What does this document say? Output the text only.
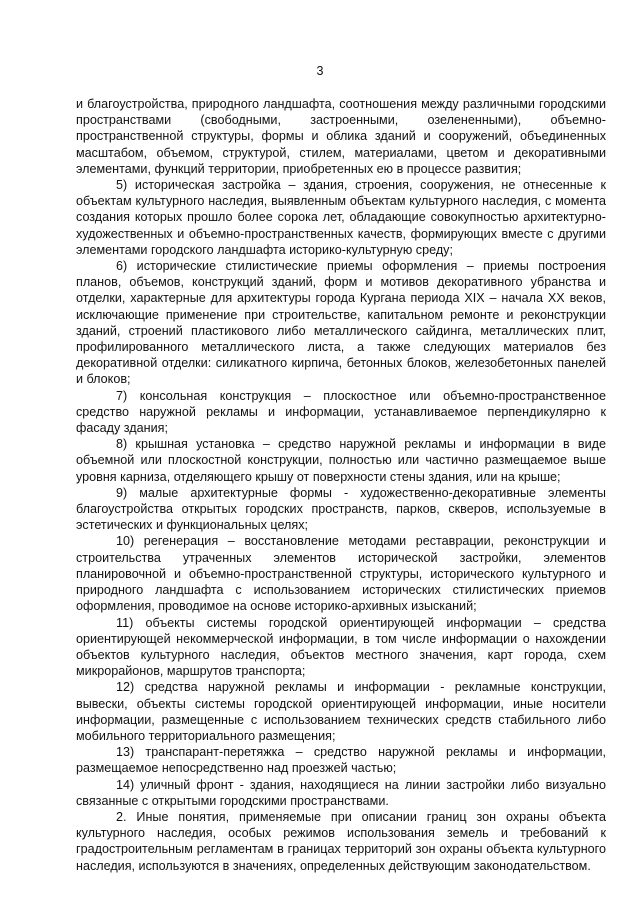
3

и благоустройства, природного ландшафта, соотношения между различными городскими пространствами (свободными, застроенными, озелененными), объемно-пространственной структуры, формы и облика зданий и сооружений, объединенных масштабом, объемом, структурой, стилем, материалами, цветом и декоративными элементами, функций территории, приобретенных ею в процессе развития;

5) историческая застройка – здания, строения, сооружения, не отнесенные к объектам культурного наследия, выявленным объектам культурного наследия, с момента создания которых прошло более сорока лет, обладающие совокупностью архитектурно-художественных и объемно-пространственных качеств, формирующих вместе с другими элементами городского ландшафта историко-культурную среду;

6) исторические стилистические приемы оформления – приемы построения планов, объемов, конструкций зданий, форм и мотивов декоративного убранства и отделки, характерные для архитектуры города Кургана периода XIX – начала XX веков, исключающие применение при строительстве, капитальном ремонте и реконструкции зданий, строений пластикового либо металлического сайдинга, металлических плит, профилированного металлического листа, а также следующих материалов без декоративной отделки: силикатного кирпича, бетонных блоков, железобетонных панелей и блоков;

7) консольная конструкция – плоскостное или объемно-пространственное средство наружной рекламы и информации, устанавливаемое перпендикулярно к фасаду здания;

8) крышная установка – средство наружной рекламы и информации в виде объемной или плоскостной конструкции, полностью или частично размещаемое выше уровня карниза, отделяющего крышу от поверхности стены здания, или на крыше;

9) малые архитектурные формы - художественно-декоративные элементы благоустройства открытых городских пространств, парков, скверов, используемые в эстетических и функциональных целях;

10) регенерация – восстановление методами реставрации, реконструкции и строительства утраченных элементов исторической застройки, элементов планировочной и объемно-пространственной структуры, исторического культурного и природного ландшафта с использованием исторических стилистических приемов оформления, проводимое на основе историко-архивных изысканий;

11) объекты системы городской ориентирующей информации – средства ориентирующей некоммерческой информации, в том числе информации о нахождении объектов культурного наследия, объектов местного значения, карт города, схем микрорайонов, маршрутов транспорта;

12) средства наружной рекламы и информации - рекламные конструкции, вывески, объекты системы городской ориентирующей информации, иные носители информации, размещенные с использованием технических средств стабильного либо мобильного территориального размещения;

13) транспарант-перетяжка – средство наружной рекламы и информации, размещаемое непосредственно над проезжей частью;

14) уличный фронт - здания, находящиеся на линии застройки либо визуально связанные с открытыми городскими пространствами.

2. Иные понятия, применяемые при описании границ зон охраны объекта культурного наследия, особых режимов использования земель и требований к градостроительным регламентам в границах территорий зон охраны объекта культурного наследия, используются в значениях, определенных действующим законодательством.
